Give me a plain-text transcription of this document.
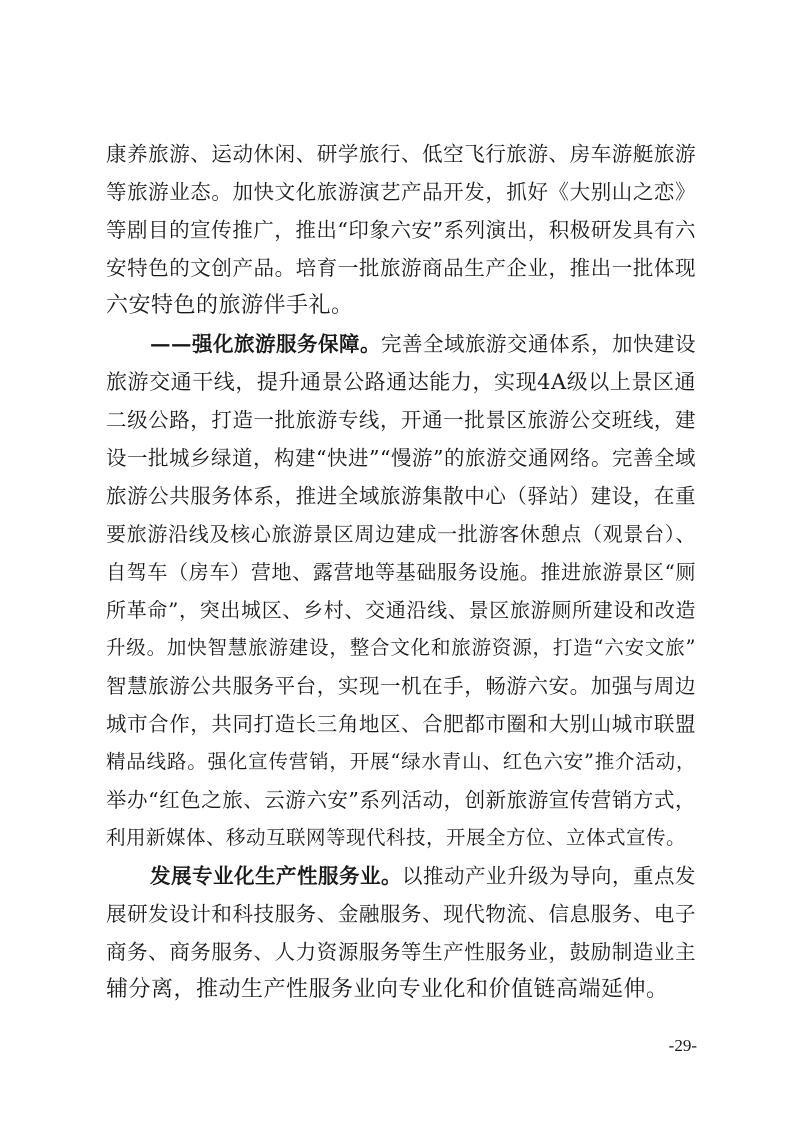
康养旅游、运动休闲、研学旅行、低空飞行旅游、房车游艇旅游
等旅游业态。加快文化旅游演艺产品开发，抓好《大别山之恋》
等剧目的宣传推广，推出“印象六安”系列演出，积极研发具有六
安特色的文创产品。培育一批旅游商品生产企业，推出一批体现
六安特色的旅游伴手礼。

——强化旅游服务保障。完善全域旅游交通体系，加快建设
旅游交通干线，提升通景公路通达能力，实现4A级以上景区通
二级公路，打造一批旅游专线，开通一批景区旅游公交班线，建
设一批城乡绿道，构建“快进”“慢游”的旅游交通网络。完善全域
旅游公共服务体系，推进全域旅游集散中心（驿站）建设，在重
要旅游沿线及核心旅游景区周边建成一批游客休憩点（观景台）、
自驾车（房车）营地、露营地等基础服务设施。推进旅游景区“厕
所革命”，突出城区、乡村、交通沿线、景区旅游厕所建设和改造
升级。加快智慧旅游建设，整合文化和旅游资源，打造“六安文旅”
智慧旅游公共服务平台，实现一机在手，畅游六安。加强与周边
城市合作，共同打造长三角地区、合肥都市圈和大别山城市联盟
精品线路。强化宣传营销，开展“绿水青山、红色六安”推介活动，
举办“红色之旅、云游六安”系列活动，创新旅游宣传营销方式，
利用新媒体、移动互联网等现代科技，开展全方位、立体式宣传。

发展专业化生产性服务业。以推动产业升级为导向，重点发
展研发设计和科技服务、金融服务、现代物流、信息服务、电子
商务、商务服务、人力资源服务等生产性服务业，鼓励制造业主
辅分离，推动生产性服务业向专业化和价值链高端延伸。

-29-
